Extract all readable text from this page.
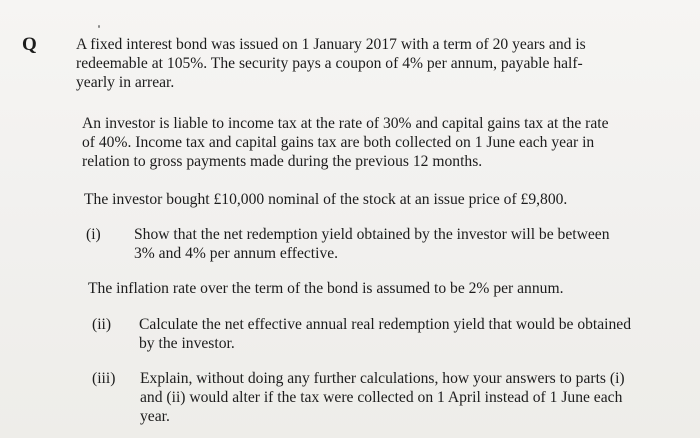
Q A fixed interest bond was issued on 1 January 2017 with a term of 20 years and is
redeemable at 105%. The security pays a coupon of 4% per annum, payable half-
yearly in arrear.
An investor is liable to income tax at the rate of 30% and capital gains tax at the rate
of 40%. Income tax and capital gains tax are both collected on 1 June each year in
relation to gross payments made during the previous 12 months.
The investor bought £10,000 nominal of the stock at an issue price of £9,800.
(i) Show that the net redemption yield obtained by the investor will be between
3% and 4% per annum effective.
The inflation rate over the term of the bond is assumed to be 2% per annum.
(ii) Calculate the net effective annual real redemption yield that would be obtained
by the investor.
(iii) Explain, without doing any further calculations, how your answers to parts (i)
and (ii) would alter if the tax were collected on 1 April instead of 1 June each
year.
